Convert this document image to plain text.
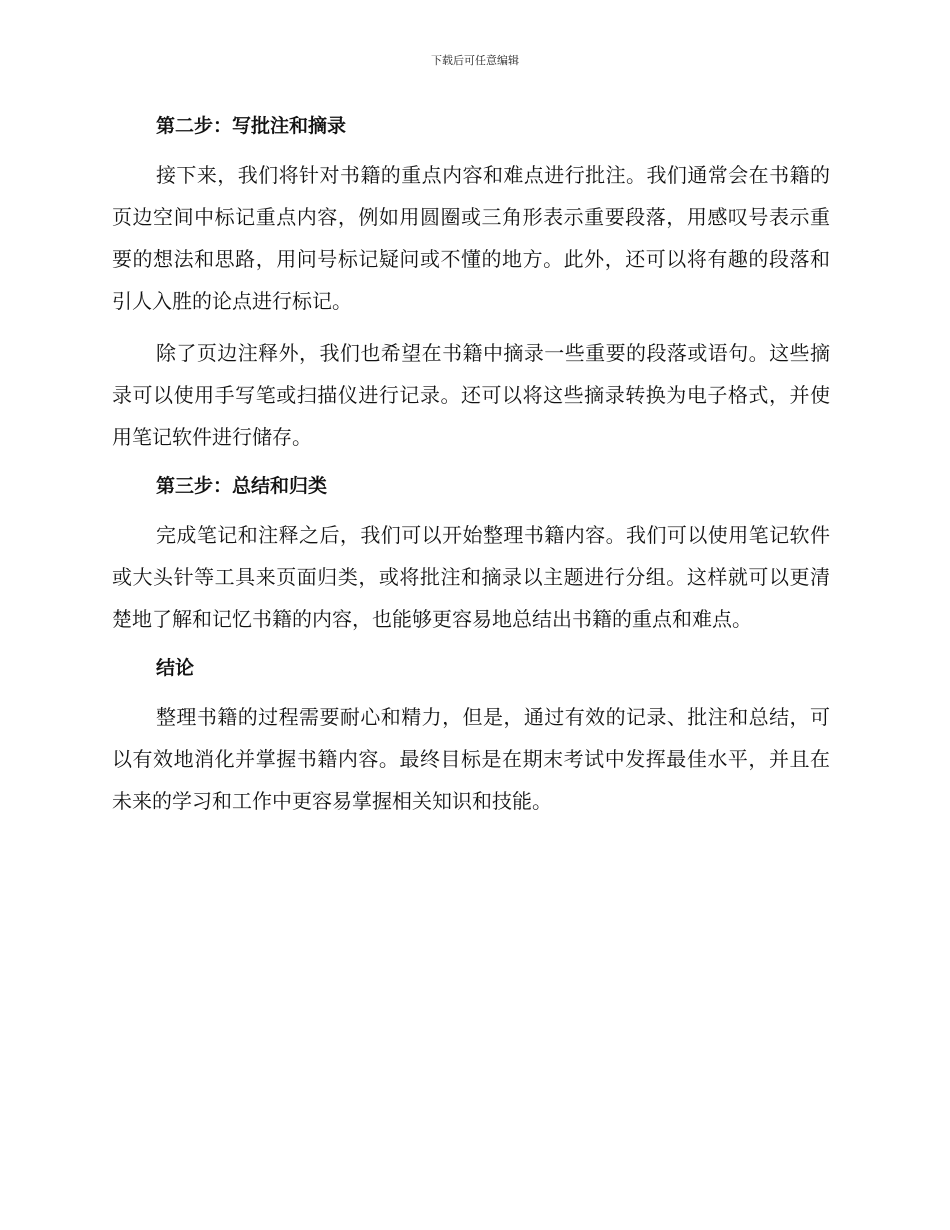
下载后可任意编辑
第二步：写批注和摘录

接下来，我们将针对书籍的重点内容和难点进行批注。我们通常会在书籍的页边空间中标记重点内容，例如用圆圈或三角形表示重要段落，用感叹号表示重要的想法和思路，用问号标记疑问或不懂的地方。此外，还可以将有趣的段落和引人入胜的论点进行标记。

除了页边注释外，我们也希望在书籍中摘录一些重要的段落或语句。这些摘录可以使用手写笔或扫描仪进行记录。还可以将这些摘录转换为电子格式，并使用笔记软件进行储存。

第三步：总结和归类

完成笔记和注释之后，我们可以开始整理书籍内容。我们可以使用笔记软件或大头针等工具来页面归类，或将批注和摘录以主题进行分组。这样就可以更清楚地了解和记忆书籍的内容，也能够更容易地总结出书籍的重点和难点。

结论

整理书籍的过程需要耐心和精力，但是，通过有效的记录、批注和总结，可以有效地消化并掌握书籍内容。最终目标是在期末考试中发挥最佳水平，并且在未来的学习和工作中更容易掌握相关知识和技能。
